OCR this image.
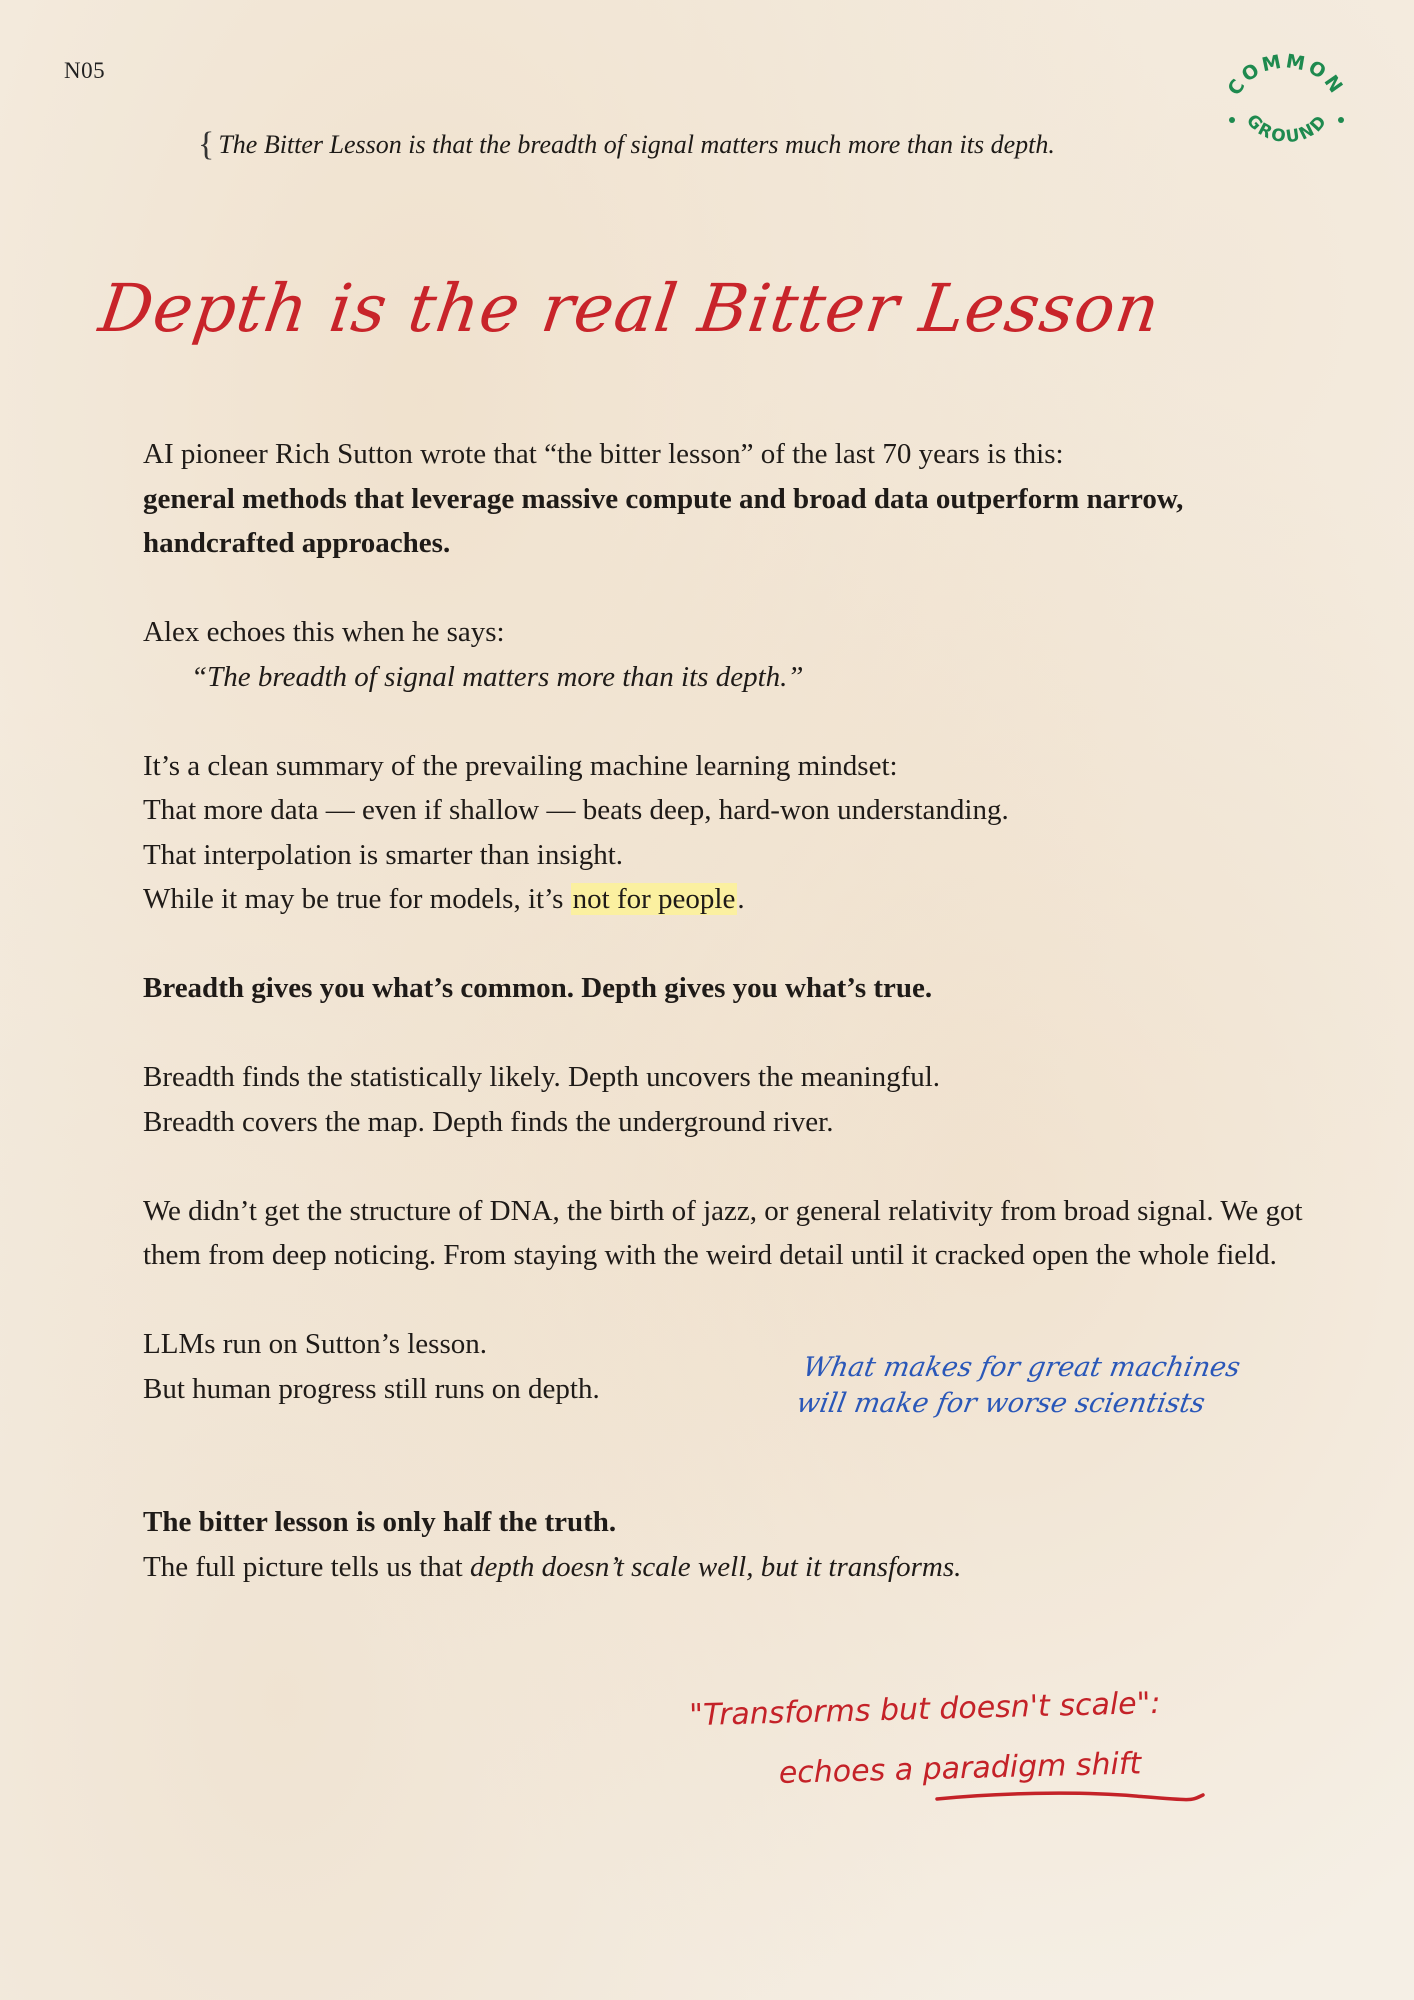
N05
COMMON
GROUND
{ The Bitter Lesson is that the breadth of signal matters much more than its depth.
Depth is the real Bitter Lesson

AI pioneer Rich Sutton wrote that “the bitter lesson” of the last 70 years is this:
general methods that leverage massive compute and broad data outperform narrow, handcrafted approaches.

Alex echoes this when he says:
“The breadth of signal matters more than its depth.”

It’s a clean summary of the prevailing machine learning mindset:
That more data — even if shallow — beats deep, hard-won understanding.
That interpolation is smarter than insight.
While it may be true for models, it’s not for people.

Breadth gives you what’s common. Depth gives you what’s true.

Breadth finds the statistically likely. Depth uncovers the meaningful.
Breadth covers the map. Depth finds the underground river.

We didn’t get the structure of DNA, the birth of jazz, or general relativity from broad signal. We got them from deep noticing. From staying with the weird detail until it cracked open the whole field.

LLMs run on Sutton’s lesson.
But human progress still runs on depth.

The bitter lesson is only half the truth.
The full picture tells us that depth doesn’t scale well, but it transforms.

What makes for great machines
will make for worse scientists
"Transforms but doesn't scale":
echoes a paradigm shift
